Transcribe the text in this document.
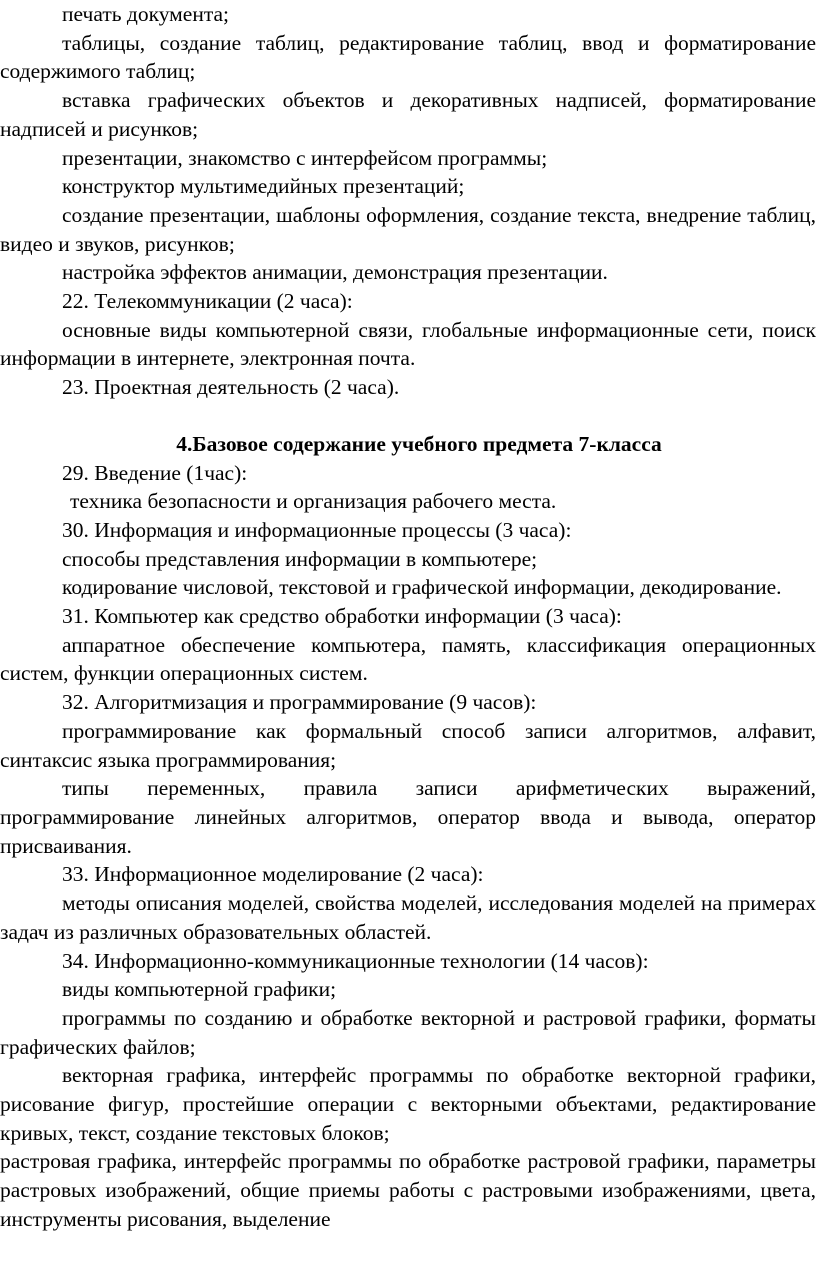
печать документа;

таблицы, создание таблиц, редактирование таблиц, ввод и форматирование содержимого таблиц;

вставка графических объектов и декоративных надписей, форматирование надписей и рисунков;

презентации, знакомство с интерфейсом программы;

конструктор мультимедийных презентаций;

создание презентации, шаблоны оформления, создание текста, внедрение таблиц, видео и звуков, рисунков;

настройка эффектов анимации, демонстрация презентации.

22. Телекоммуникации (2 часа):

основные виды компьютерной связи, глобальные информационные сети, поиск информации в интернете, электронная почта.

23. Проектная деятельность (2 часа).

4.Базовое содержание учебного предмета 7-класса

29. Введение (1час):

техника безопасности и организация рабочего места.

30. Информация и информационные процессы (3 часа):

способы представления информации в компьютере;

кодирование числовой, текстовой и графической информации, декодирование.

31. Компьютер как средство обработки информации (3 часа):

аппаратное обеспечение компьютера, память, классификация операционных систем, функции операционных систем.

32. Алгоритмизация и программирование (9 часов):

программирование как формальный способ записи алгоритмов, алфавит, синтаксис языка программирования;

типы переменных, правила записи арифметических выражений, программирование линейных алгоритмов, оператор ввода и вывода, оператор присваивания.

33. Информационное моделирование (2 часа):

методы описания моделей, свойства моделей, исследования моделей на примерах задач из различных образовательных областей.

34. Информационно-коммуникационные технологии (14 часов):

виды компьютерной графики;

программы по созданию и обработке векторной и растровой графики, форматы графических файлов;

векторная графика, интерфейс программы по обработке векторной графики, рисование фигур, простейшие операции с векторными объектами, редактирование кривых, текст, создание текстовых блоков;

растровая графика, интерфейс программы по обработке растровой графики, параметры растровых изображений, общие приемы работы с растровыми изображениями, цвета, инструменты рисования, выделение
